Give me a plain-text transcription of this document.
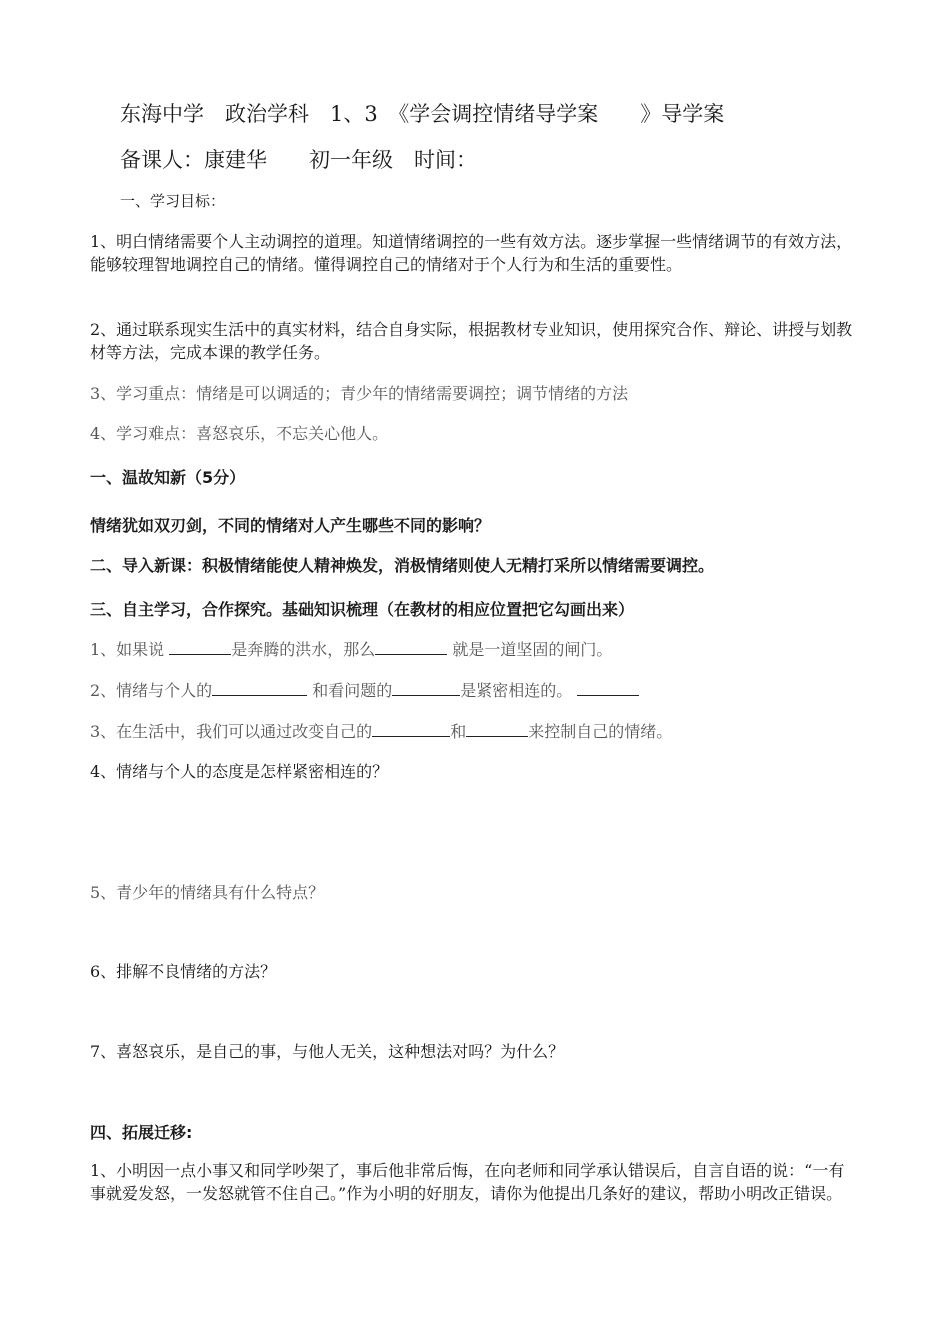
东海中学　政治学科　1、3　《学会调控情绪导学案　　》导学案
备课人：康建华　　初一年级　时间：
一、学习目标：
1、明白情绪需要个人主动调控的道理。知道情绪调控的一些有效方法。逐步掌握一些情绪调节的有效方法，能够较理智地调控自己的情绪。懂得调控自己的情绪对于个人行为和生活的重要性。
2、通过联系现实生活中的真实材料，结合自身实际，根据教材专业知识，使用探究合作、辩论、讲授与划教材等方法，完成本课的教学任务。
3、学习重点：情绪是可以调适的；青少年的情绪需要调控；调节情绪的方法
4、学习难点：喜怒哀乐，不忘关心他人。
一、温故知新（5分）
情绪犹如双刃剑，不同的情绪对人产生哪些不同的影响？
二、导入新课：积极情绪能使人精神焕发，消极情绪则使人无精打采所以情绪需要调控。
三、自主学习，合作探究。基础知识梳理（在教材的相应位置把它勾画出来）
1、如果说	是奔腾的洪水，那么	就是一道坚固的闸门。
2、情绪与个人的	和看问题的	是紧密相连的。
3、在生活中，我们可以通过改变自己的	和	来控制自己的情绪。
4、情绪与个人的态度是怎样紧密相连的？
5、青少年的情绪具有什么特点？
6、排解不良情绪的方法？
7、喜怒哀乐，是自己的事，与他人无关，这种想法对吗？为什么？
四、拓展迁移:
1、小明因一点小事又和同学吵架了，事后他非常后悔，在向老师和同学承认错误后，自言自语的说：“一有事就爱发怒，一发怒就管不住自己。”作为小明的好朋友，请你为他提出几条好的建议，帮助小明改正错误。
